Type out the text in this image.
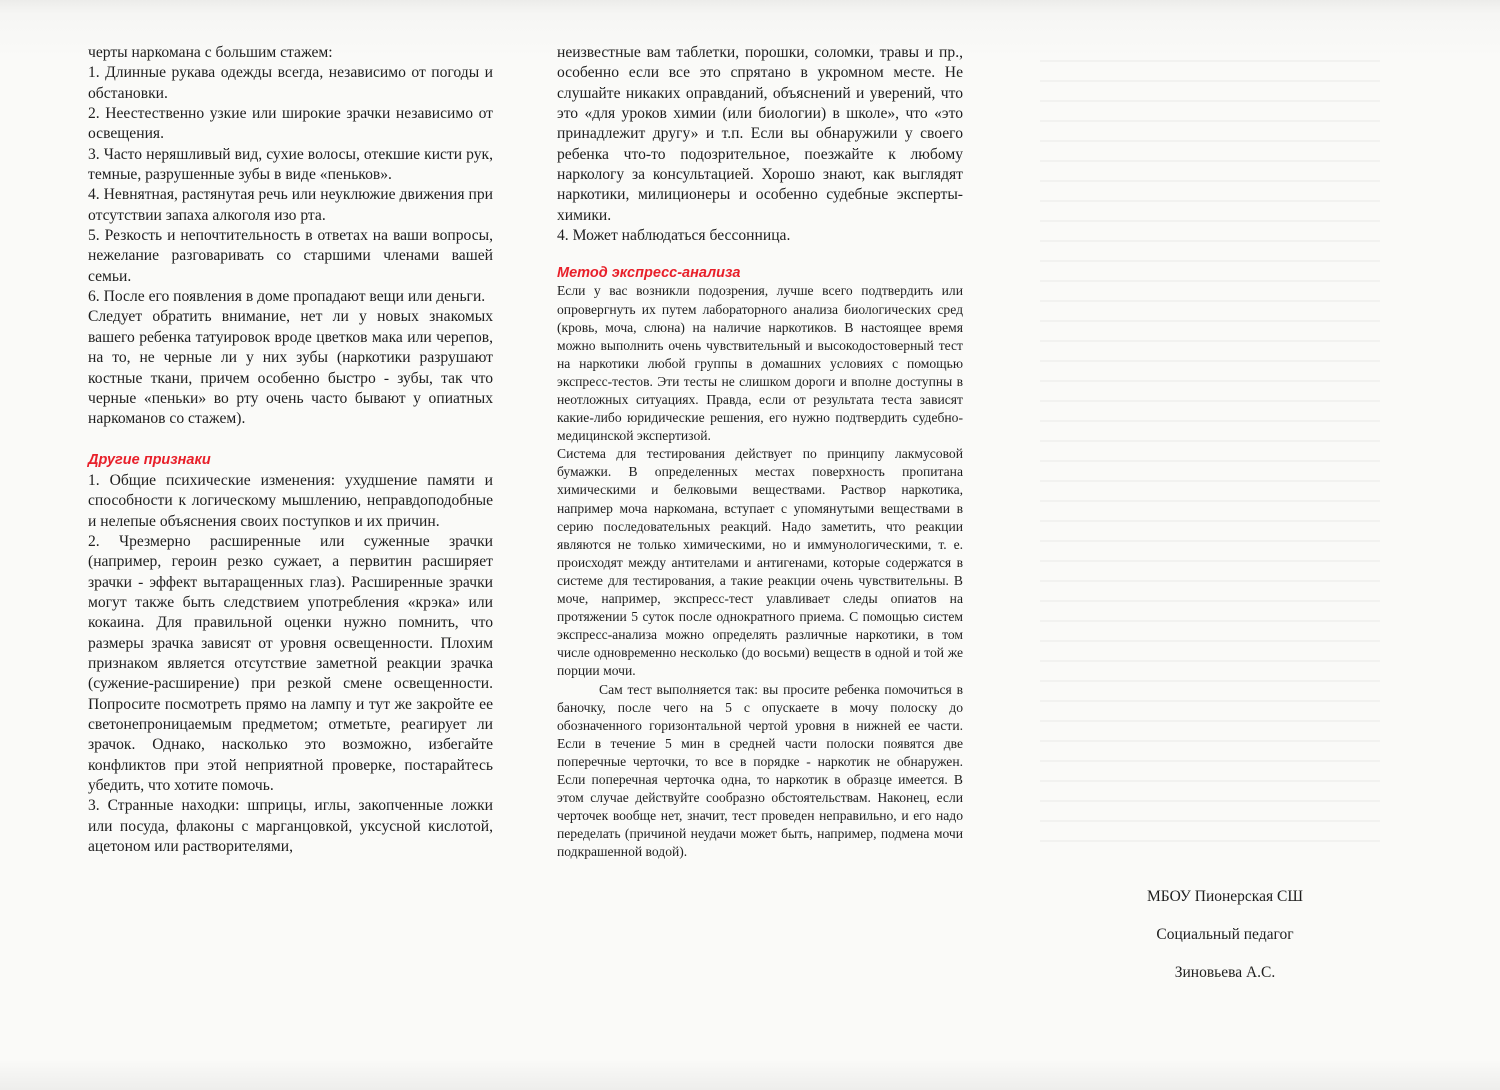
черты наркомана с большим стажем:

1. Длинные рукава одежды всегда, независимо от погоды и обстановки.

2. Неестественно узкие или широкие зрачки независимо от освещения.

3. Часто неряшливый вид, сухие волосы, отекшие кисти рук, темные, разрушенные зубы в виде «пеньков».

4. Невнятная, растянутая речь или неуклюжие движения при отсутствии запаха алкоголя изо рта.

5. Резкость и непочтительность в ответах на ваши вопросы, нежелание разговаривать со старшими членами вашей семьи.

6. После его появления в доме пропадают вещи или деньги.

Следует обратить внимание, нет ли у новых знакомых вашего ребенка татуировок вроде цветков мака или черепов, на то, не черные ли у них зубы (наркотики разрушают костные ткани, причем особенно быстро - зубы, так что черные «пеньки» во рту очень часто бывают у опиатных наркоманов со стажем).

Другие признаки

1. Общие психические изменения: ухудшение памяти и способности к логическому мышлению, неправдоподобные и нелепые объяснения своих поступков и их причин.

2. Чрезмерно расширенные или суженные зрачки (например, героин резко сужает, а первитин расширяет зрачки - эффект вытаращенных глаз). Расширенные зрачки могут также быть следствием употребления «крэка» или кокаина. Для правильной оценки нужно помнить, что размеры зрачка зависят от уровня освещенности. Плохим признаком является отсутствие заметной реакции зрачка (сужение-расширение) при резкой смене освещенности. Попросите посмотреть прямо на лампу и тут же закройте ее светонепроницаемым предметом; отметьте, реагирует ли зрачок. Однако, насколько это возможно, избегайте конфликтов при этой неприятной проверке, постарайтесь убедить, что хотите помочь.

3. Странные находки: шприцы, иглы, закопченные ложки или посуда, флаконы с марганцовкой, уксусной кислотой, ацетоном или растворителями,

неизвестные вам таблетки, порошки, соломки, травы и пр., особенно если все это спрятано в укромном месте. Не слушайте никаких оправданий, объяснений и уверений, что это «для уроков химии (или биологии) в школе», что «это принадлежит другу» и т.п. Если вы обнаружили у своего ребенка что-то подозрительное, поезжайте к любому наркологу за консультацией. Хорошо знают, как выглядят наркотики, милиционеры и особенно судебные эксперты-химики.

4. Может наблюдаться бессонница.

Метод экспресс-анализа

Если у вас возникли подозрения, лучше всего подтвердить или опровергнуть их путем лабораторного анализа биологических сред (кровь, моча, слюна) на наличие наркотиков. В настоящее время можно выполнить очень чувствительный и высокодостоверный тест на наркотики любой группы в домашних условиях с помощью экспресс-тестов. Эти тесты не слишком дороги и вполне доступны в неотложных ситуациях. Правда, если от результата теста зависят какие-либо юридические решения, его нужно подтвердить судебно-медицинской экспертизой.

Система для тестирования действует по принципу лакмусовой бумажки. В определенных местах поверхность пропитана химическими и белковыми веществами. Раствор наркотика, например моча наркомана, вступает с упомянутыми веществами в серию последовательных реакций. Надо заметить, что реакции являются не только химическими, но и иммунологическими, т. е. происходят между антителами и антигенами, которые содержатся в системе для тестирования, а такие реакции очень чувствительны. В моче, например, экспресс-тест улавливает следы опиатов на протяжении 5 суток после однократного приема. С помощью систем экспресс-анализа можно определять различные наркотики, в том числе одновременно несколько (до восьми) веществ в одной и той же порции мочи.

Сам тест выполняется так: вы просите ребенка помочиться в баночку, после чего на 5 с опускаете в мочу полоску до обозначенного горизонтальной чертой уровня в нижней ее части. Если в течение 5 мин в средней части полоски появятся две поперечные черточки, то все в порядке - наркотик не обнаружен. Если поперечная черточка одна, то наркотик в образце имеется. В этом случае действуйте сообразно обстоятельствам. Наконец, если черточек вообще нет, значит, тест проведен неправильно, и его надо переделать (причиной неудачи может быть, например, подмена мочи подкрашенной водой).

МБОУ Пионерская СШ
Социальный педагог
Зиновьева А.С.
